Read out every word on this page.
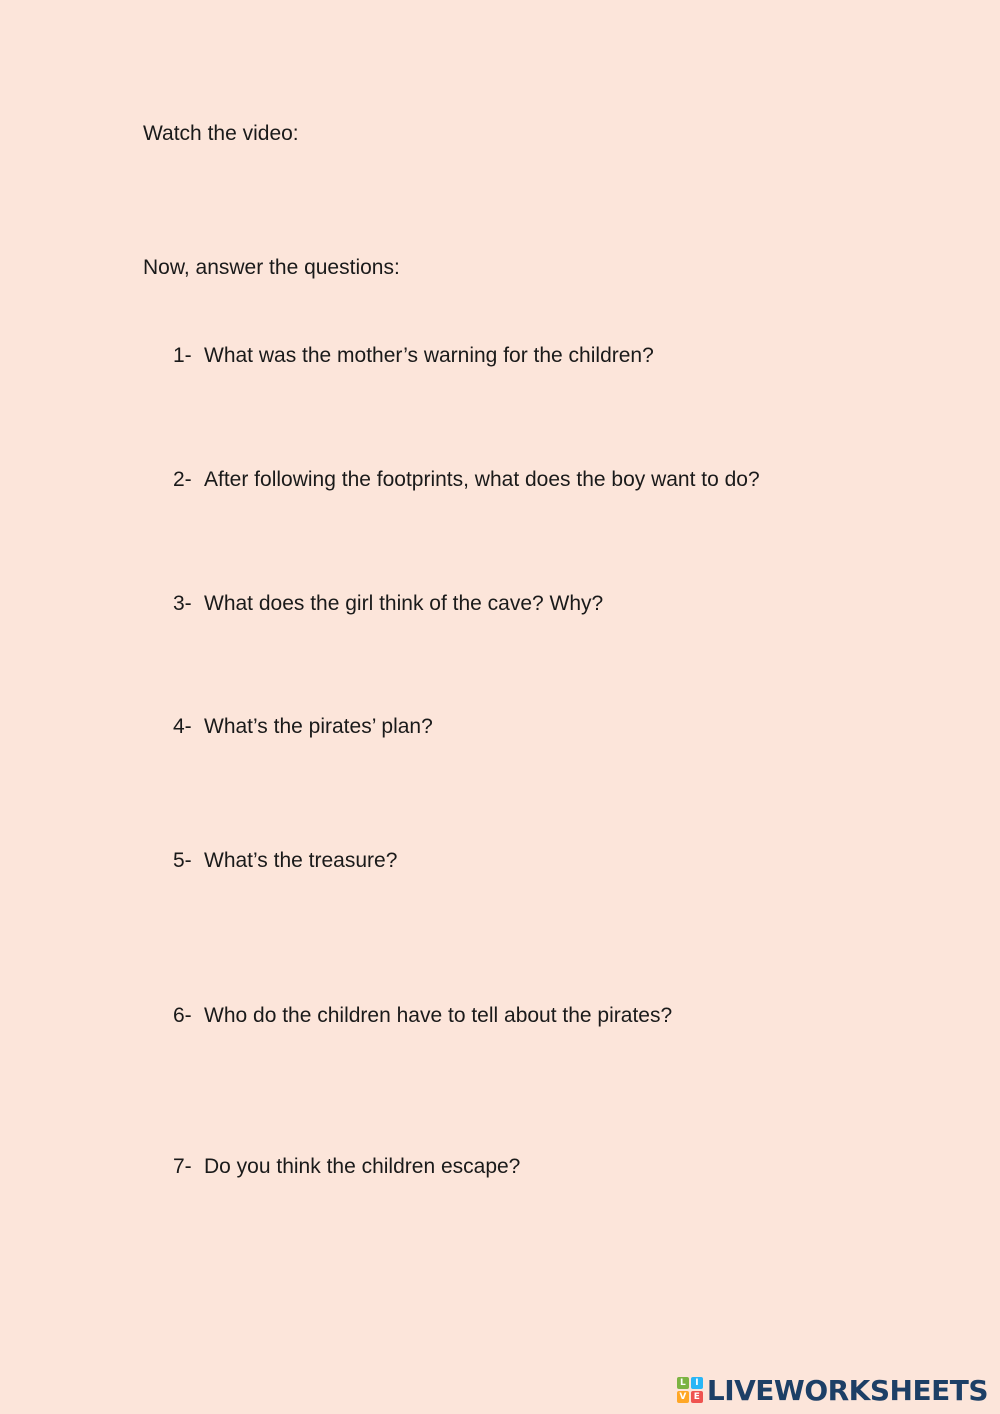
Watch the video:
Now, answer the questions:
1- What was the mother’s warning for the children?
2- After following the footprints, what does the boy want to do?
3- What does the girl think of the cave? Why?
4- What’s the pirates’ plan?
5- What’s the treasure?
6- Who do the children have to tell about the pirates?
7- Do you think the children escape?
L	I
V E LIVEWORKSHEETS
